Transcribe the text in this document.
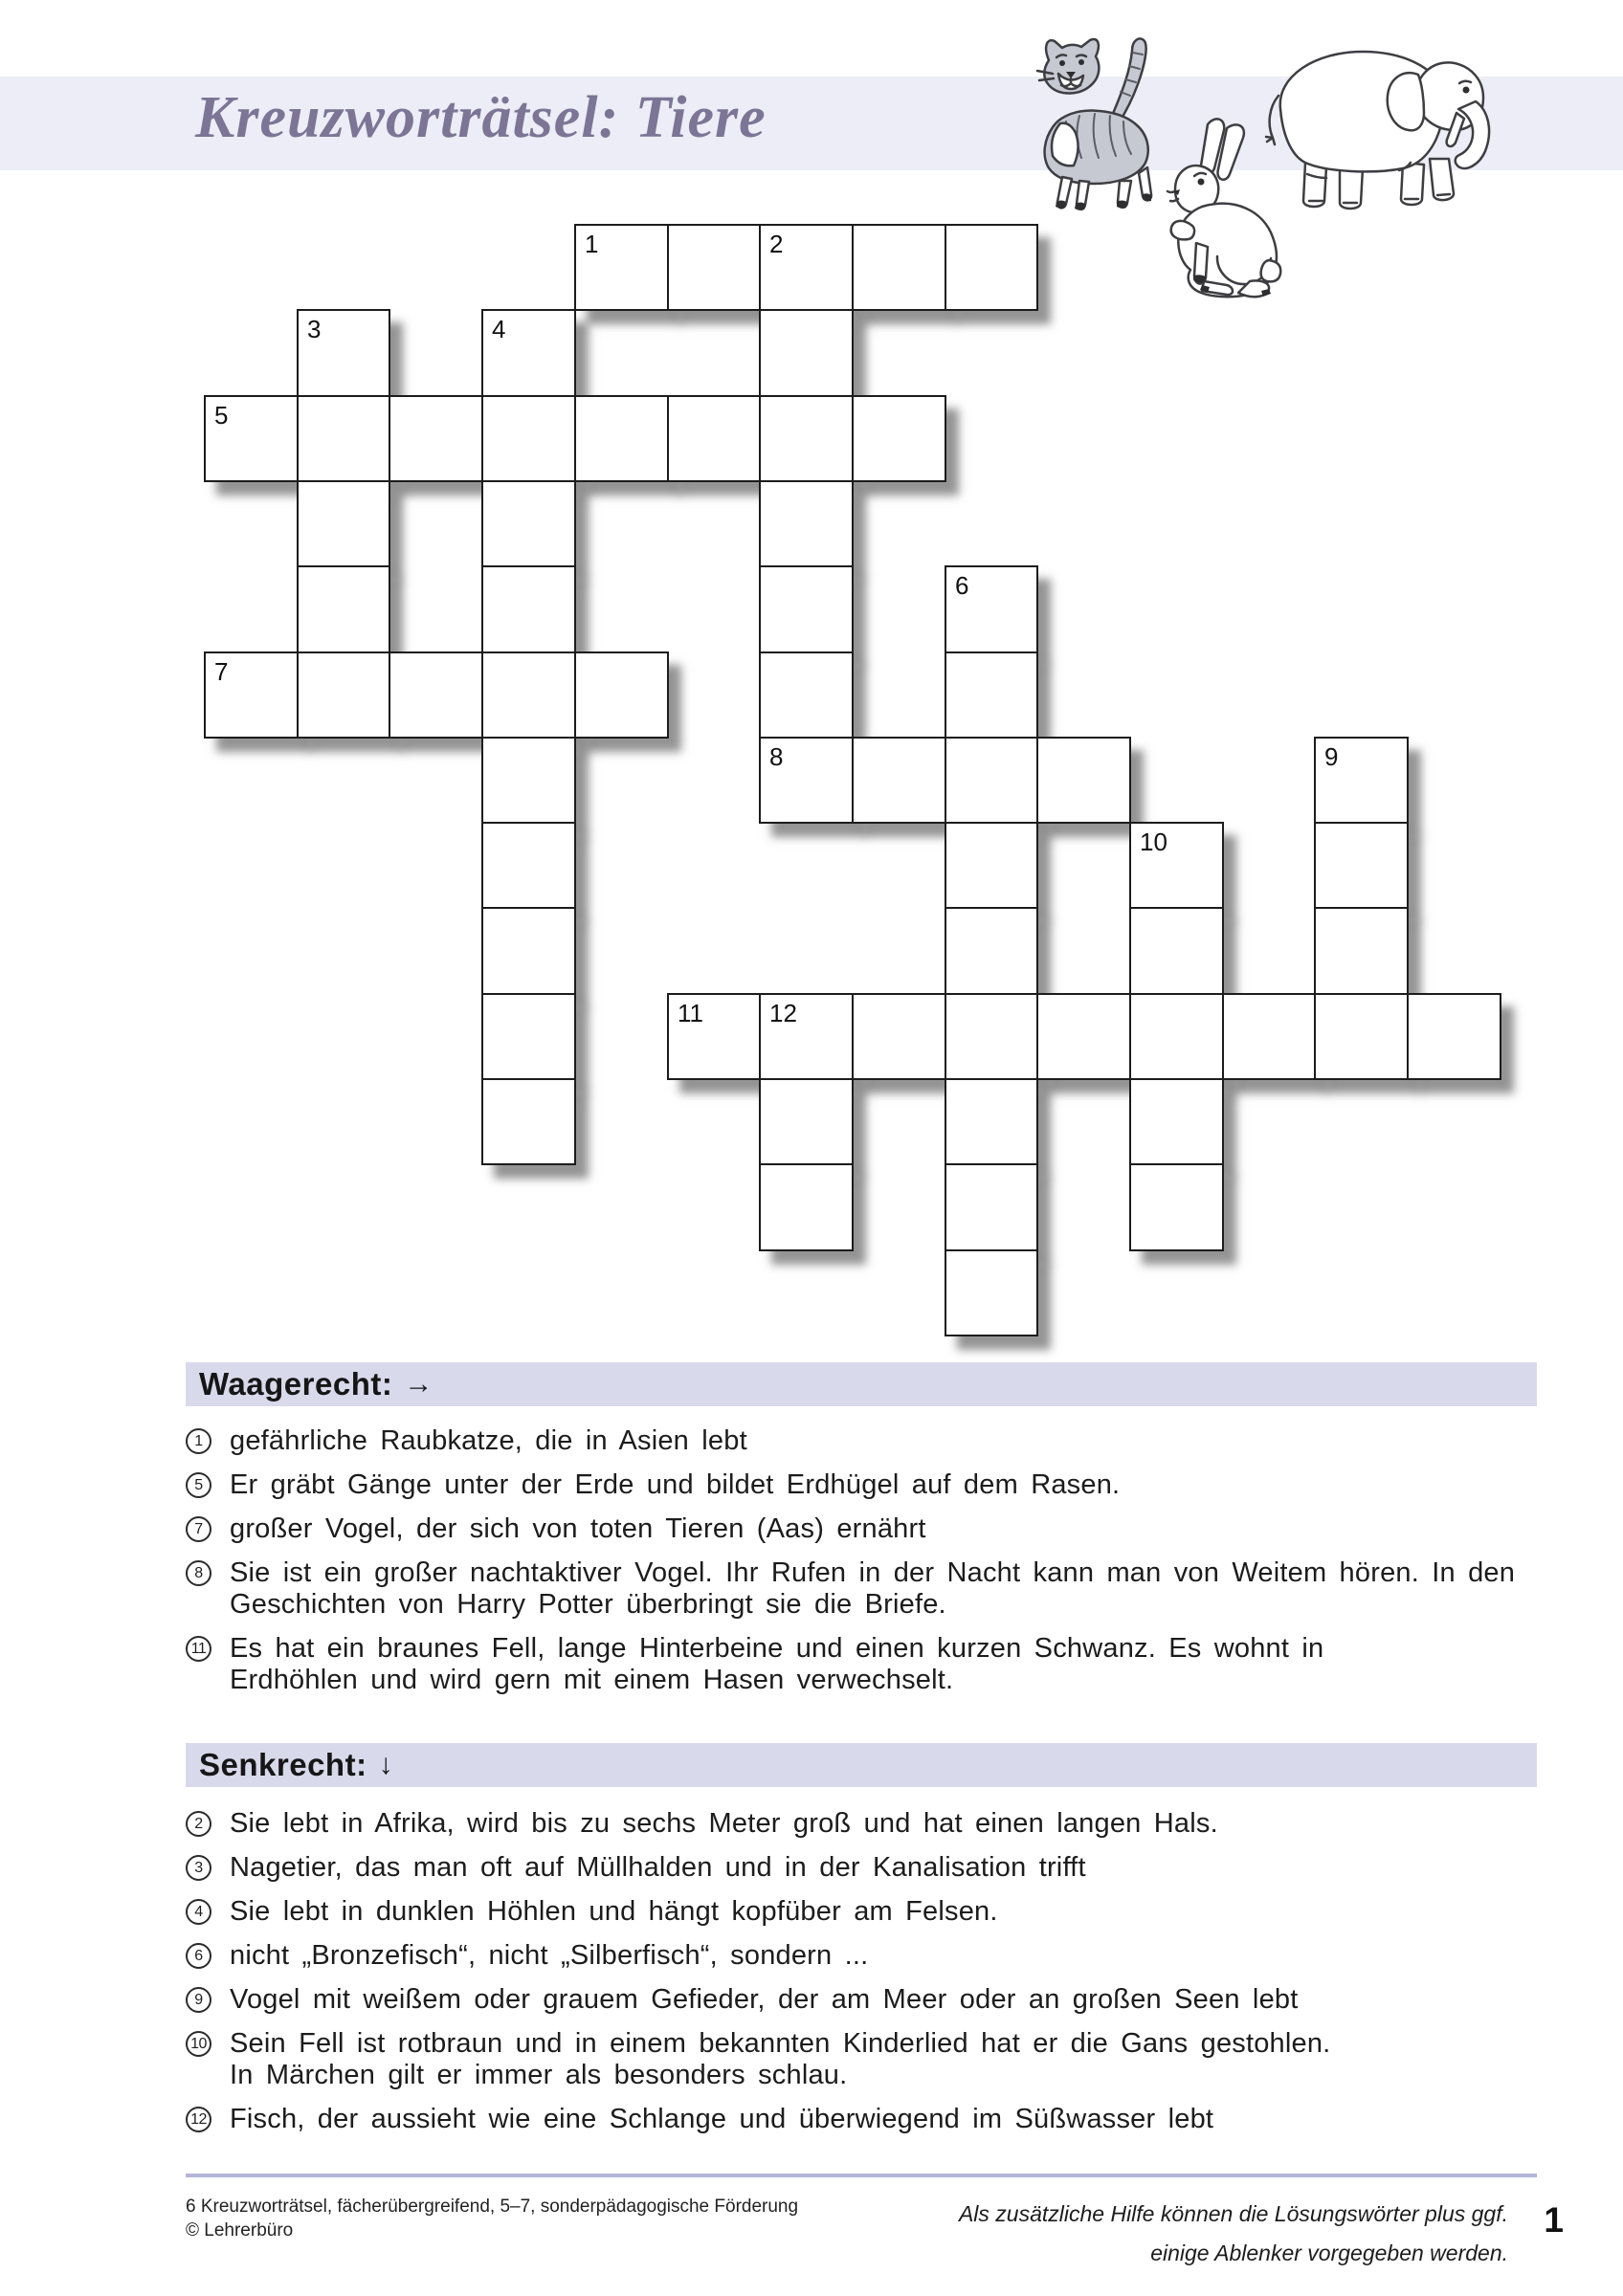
Kreuzworträtsel: Tiere
1	2
3	4
5
6
7
8	9
10
11	12
Waagerecht: →
1 gefährliche Raubkatze, die in Asien lebt
5 Er gräbt Gänge unter der Erde und bildet Erdhügel auf dem Rasen.
7 großer Vogel, der sich von toten Tieren (Aas) ernährt
8 Sie ist ein großer nachtaktiver Vogel. Ihr Rufen in der Nacht kann man von Weitem hören. In den
Geschichten von Harry Potter überbringt sie die Briefe.
11 Es hat ein braunes Fell, lange Hinterbeine und einen kurzen Schwanz. Es wohnt in
Erdhöhlen und wird gern mit einem Hasen verwechselt.
Senkrecht: ↓
2 Sie lebt in Afrika, wird bis zu sechs Meter groß und hat einen langen Hals.
3 Nagetier, das man oft auf Müllhalden und in der Kanalisation trifft
4 Sie lebt in dunklen Höhlen und hängt kopfüber am Felsen.
6 nicht „Bronzefisch“, nicht „Silberfisch“, sondern ...
9 Vogel mit weißem oder grauem Gefieder, der am Meer oder an großen Seen lebt
10 Sein Fell ist rotbraun und in einem bekannten Kinderlied hat er die Gans gestohlen.
In Märchen gilt er immer als besonders schlau.
12 Fisch, der aussieht wie eine Schlange und überwiegend im Süßwasser lebt
6 Kreuzworträtsel, fächerübergreifend, 5–7, sonderpädagogische Förderung
© Lehrerbüro
Als zusätzliche Hilfe können die Lösungswörter plus ggf.
einige Ablenker vorgegeben werden.
1
